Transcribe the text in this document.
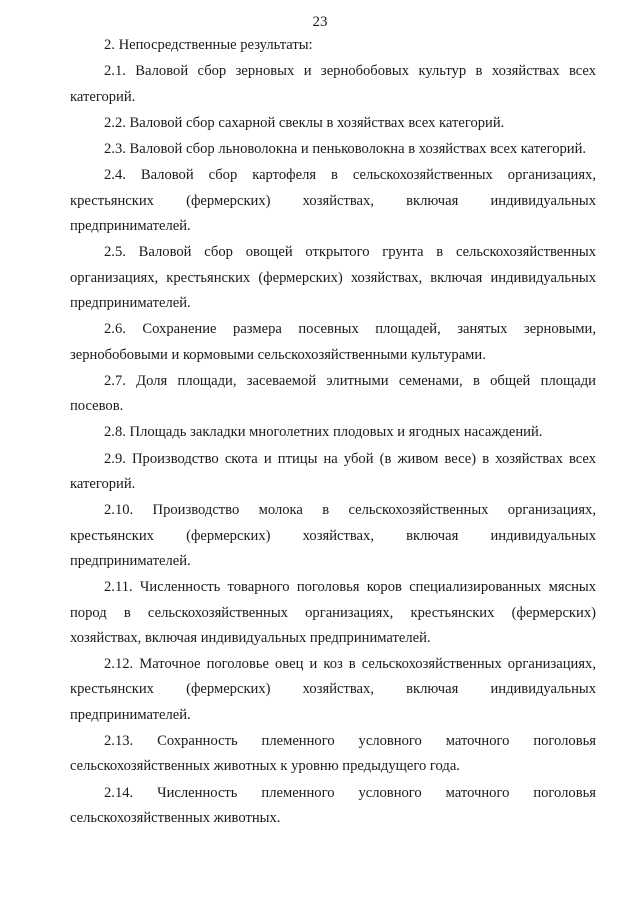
23

2. Непосредственные результаты:

2.1. Валовой сбор зерновых и зернобобовых культур в хозяйствах всех категорий.

2.2. Валовой сбор сахарной свеклы в хозяйствах всех категорий.

2.3. Валовой сбор льноволокна и пеньковолокна в хозяйствах всех категорий.

2.4. Валовой сбор картофеля в сельскохозяйственных организациях, крестьянских (фермерских) хозяйствах, включая индивидуальных предпринимателей.

2.5. Валовой сбор овощей открытого грунта в сельскохозяйственных организациях, крестьянских (фермерских) хозяйствах, включая индивидуальных предпринимателей.

2.6. Сохранение размера посевных площадей, занятых зерновыми, зернобобовыми и кормовыми сельскохозяйственными культурами.

2.7. Доля площади, засеваемой элитными семенами, в общей площади посевов.

2.8. Площадь закладки многолетних плодовых и ягодных насаждений.

2.9. Производство скота и птицы на убой (в живом весе) в хозяйствах всех категорий.

2.10. Производство молока в сельскохозяйственных организациях, крестьянских (фермерских) хозяйствах, включая индивидуальных предпринимателей.

2.11. Численность товарного поголовья коров специализированных мясных пород в сельскохозяйственных организациях, крестьянских (фермерских) хозяйствах, включая индивидуальных предпринимателей.

2.12. Маточное поголовье овец и коз в сельскохозяйственных организациях, крестьянских (фермерских) хозяйствах, включая индивидуальных предпринимателей.

2.13. Сохранность племенного условного маточного поголовья сельскохозяйственных животных к уровню предыдущего года.

2.14. Численность племенного условного маточного поголовья сельскохозяйственных животных.
